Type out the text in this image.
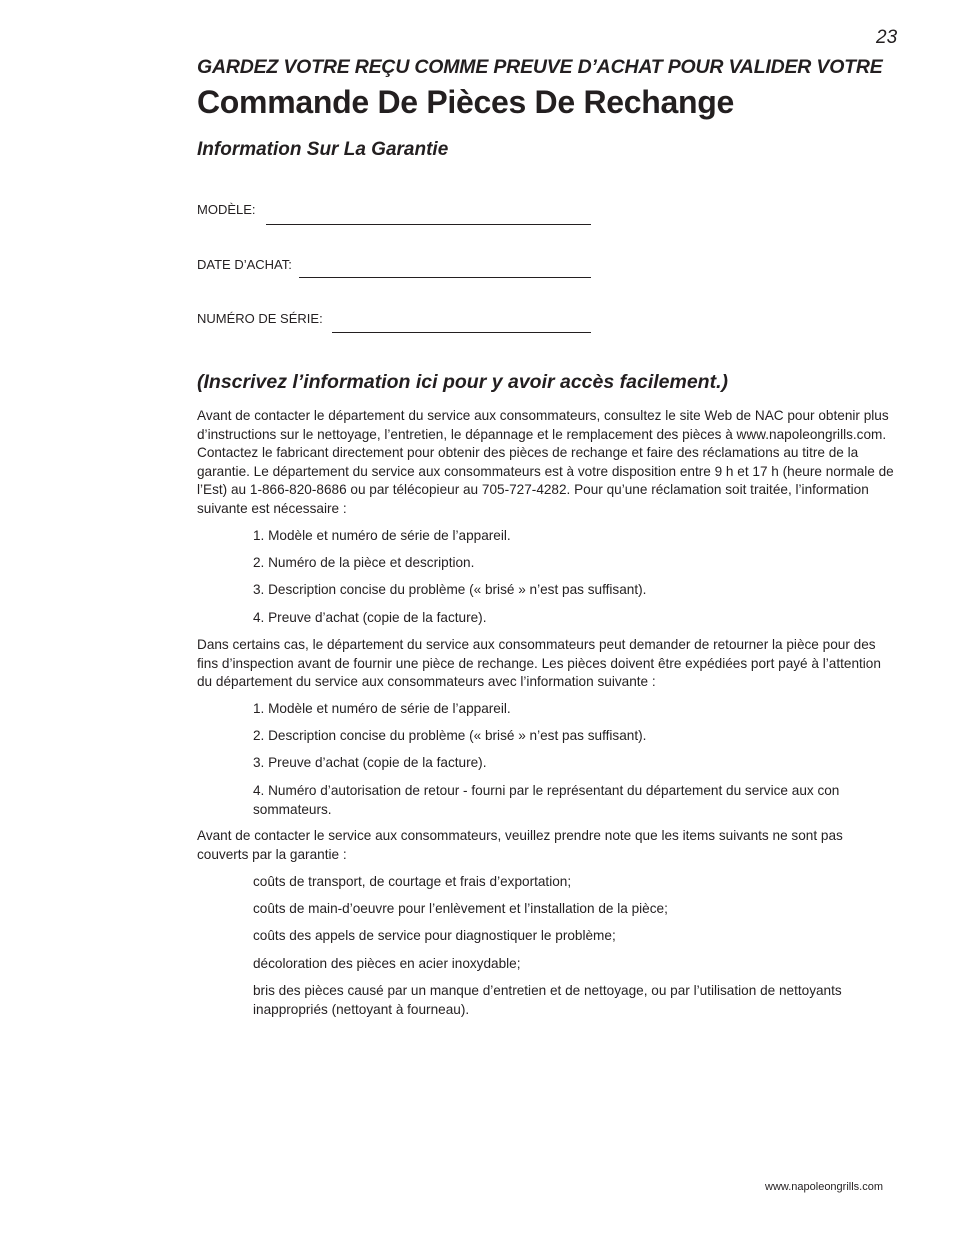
23
GARDEZ VOTRE REÇU COMME PREUVE D’ACHAT POUR VALIDER VOTRE
Commande De Pièces De Rechange
Information Sur La Garantie
MODÈLE:
DATE D’ACHAT:
NUMÉRO DE SÉRIE:
(Inscrivez l’information ici pour y avoir accès facilement.)
Avant de contacter le département du service aux consommateurs, consultez le site Web de NAC pour obtenir plus d’instructions sur le nettoyage, l’entretien, le dépannage et le remplacement des pièces à www.napoleongrills.com. Contactez le fabricant directement pour obtenir des pièces de rechange et faire des réclamations au titre de la garantie. Le département du service aux consommateurs est à votre disposition entre 9 h et 17 h (heure normale de l’Est) au 1-866-820-8686 ou par télécopieur au 705-727-4282. Pour qu’une réclamation soit traitée, l’information suivante est nécessaire :
1. Modèle et numéro de série de l’appareil.
2. Numéro de la pièce et description.
3. Description concise du problème (« brisé » n’est pas suffisant).
4. Preuve d’achat (copie de la facture).
Dans certains cas, le département du service aux consommateurs peut demander de retourner la pièce pour des fins d’inspection avant de fournir une pièce de rechange. Les pièces doivent être expédiées port payé à l’attention du département du service aux consommateurs avec l’information suivante :
1. Modèle et numéro de série de l’appareil.
2. Description concise du problème (« brisé » n’est pas suffisant).
3. Preuve d’achat (copie de la facture).
4. Numéro d’autorisation de retour - fourni par le représentant du département du service aux con sommateurs.
Avant de contacter le service aux consommateurs, veuillez prendre note que les items suivants ne sont pas couverts par la garantie :
coûts de transport, de courtage et frais d’exportation;
coûts de main-d’oeuvre pour l’enlèvement et l’installation de la pièce;
coûts des appels de service pour diagnostiquer le problème;
décoloration des pièces en acier inoxydable;
bris des pièces causé par un manque d’entretien et de nettoyage, ou par l’utilisation de nettoyants inappropriés (nettoyant à fourneau).
www.napoleongrills.com
